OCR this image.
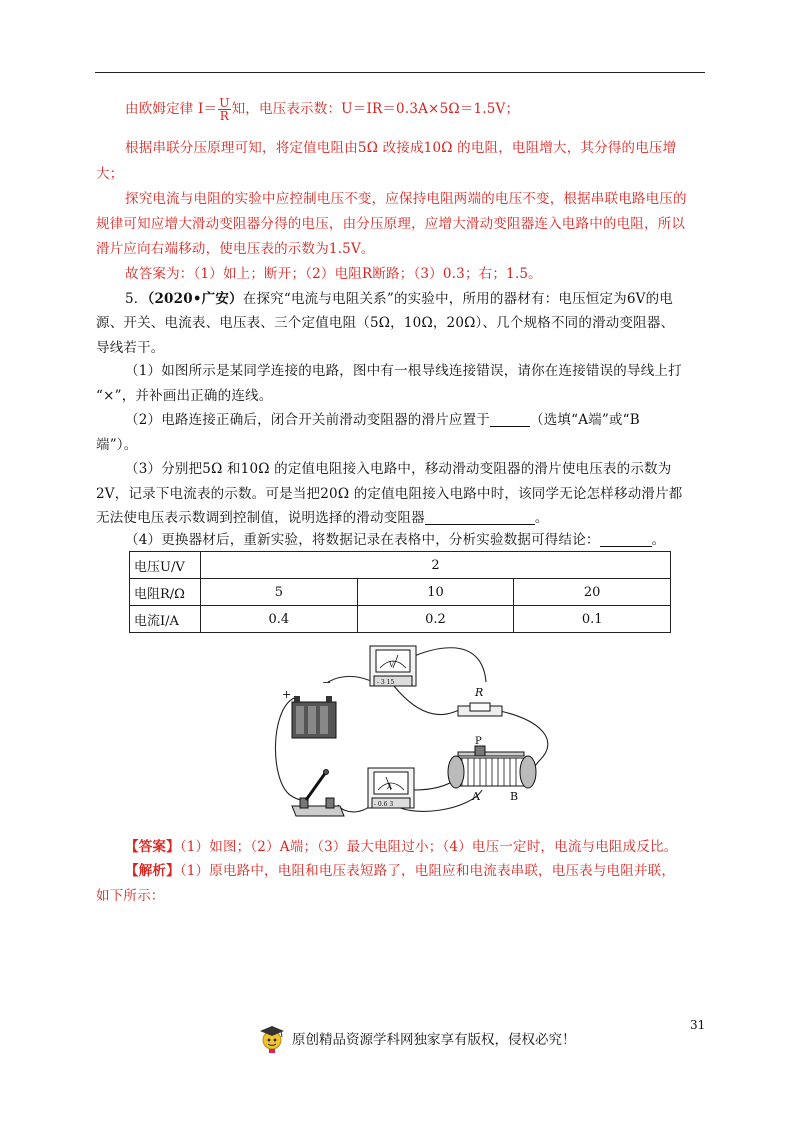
由欧姆定律 $I= \frac{U}{R}$ 知，电压表示数：U＝IR＝0.3A×5Ω＝1.5V；
根据串联分压原理可知，将定值电阻由5Ω 改接成10Ω 的电阻，电阻增大，其分得的电压增
大；
探究电流与电阻的实验中应控制电压不变，应保持电阻两端的电压不变，根据串联电路电压的
规律可知应增大滑动变阻器分得的电压，由分压原理，应增大滑动变阻器连入电路中的电阻，所以
滑片应向右端移动，使电压表的示数为1.5V。
故答案为：（1）如上；断开；（2）电阻R断路；（3）0.3；右；1.5。
5．（2020•广安）在探究“电流与电阻关系”的实验中，所用的器材有：电压恒定为6V的电
源、开关、电流表、电压表、三个定值电阻（5Ω，10Ω，20Ω）、几个规格不同的滑动变阻器、
导线若干。
（1）如图所示是某同学连接的电路，图中有一根导线连接错误，请你在连接错误的导线上打
“×”，并补画出正确的连线。
（2）电路连接正确后，闭合开关前滑动变阻器的滑片应置于	（选填“A端”或“B
端”）。
（3）分别把5Ω 和10Ω 的定值电阻接入电路中，移动滑动变阻器的滑片使电压表的示数为
2V，记录下电流表的示数。可是当把20Ω 的定值电阻接入电路中时，该同学无论怎样移动滑片都
无法使电压表示数调到控制值，说明选择的滑动变阻器	。
（4）更换器材后，重新实验，将数据记录在表格中，分析实验数据可得结论：	。
电压U/V	2		
电阻R/Ω	5	10	20
电流I/A	0.4	0.2	0.1
+
−
V
- 3 15
R
P
A	B
A
- 0.6 3
【答案】（1）如图；（2）A端；（3）最大电阻过小；（4）电压一定时，电流与电阻成反比。
【解析】（1）原电路中，电阻和电压表短路了，电阻应和电流表串联，电压表与电阻并联，
如下所示：
31
原创精品资源学科网独家享有版权，侵权必究！
